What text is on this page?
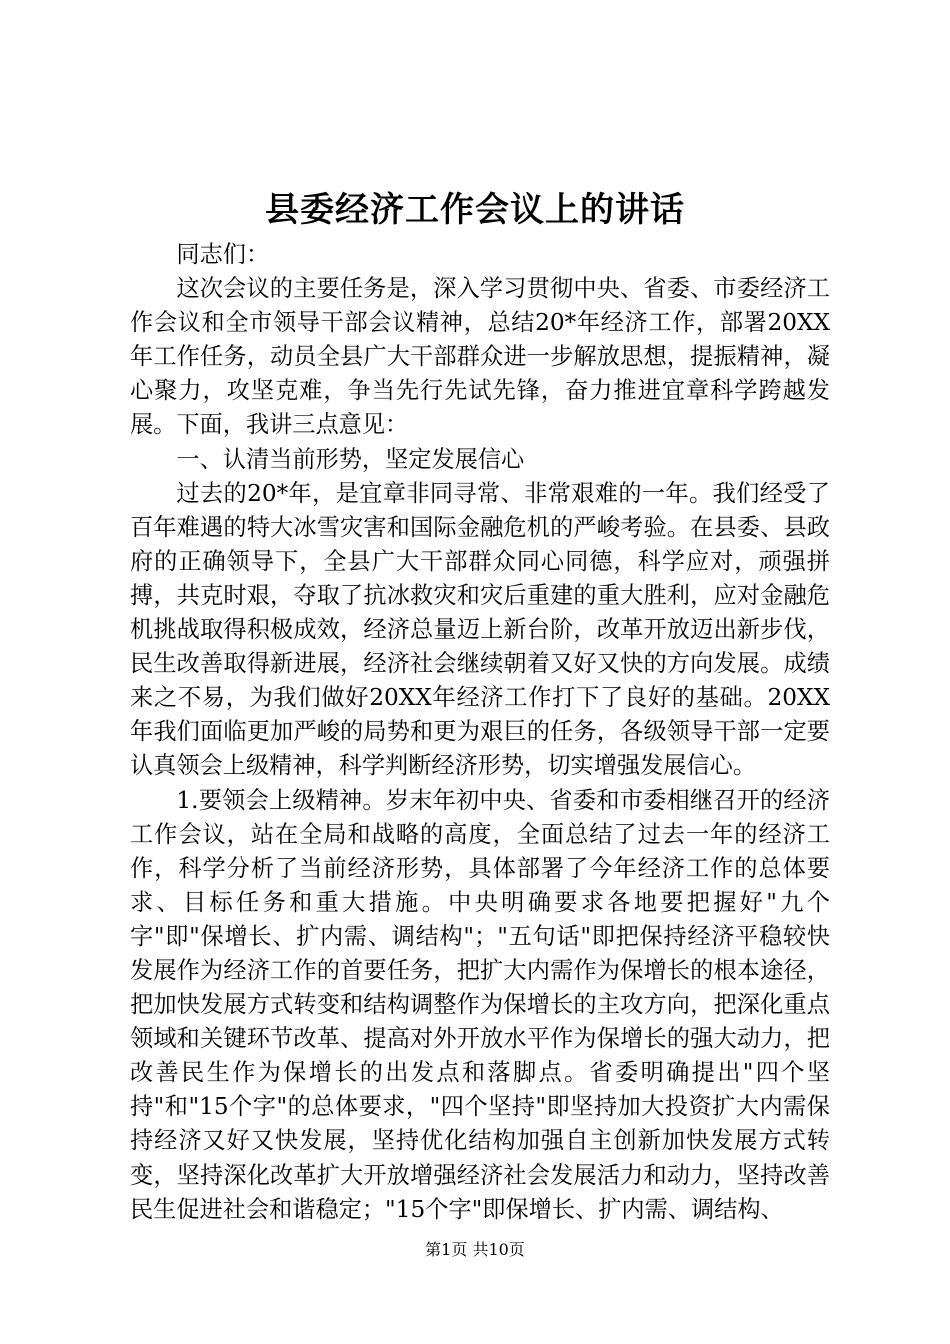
县委经济工作会议上的讲话

同志们：

这次会议的主要任务是，深入学习贯彻中央、省委、市委经济工作会议和全市领导干部会议精神，总结20*年经济工作，部署20XX年工作任务，动员全县广大干部群众进一步解放思想，提振精神，凝心聚力，攻坚克难，争当先行先试先锋，奋力推进宜章科学跨越发展。下面，我讲三点意见：

一、认清当前形势，坚定发展信心

过去的20*年，是宜章非同寻常、非常艰难的一年。我们经受了百年难遇的特大冰雪灾害和国际金融危机的严峻考验。在县委、县政府的正确领导下，全县广大干部群众同心同德，科学应对，顽强拼搏，共克时艰，夺取了抗冰救灾和灾后重建的重大胜利，应对金融危机挑战取得积极成效，经济总量迈上新台阶，改革开放迈出新步伐，民生改善取得新进展，经济社会继续朝着又好又快的方向发展。成绩来之不易，为我们做好20XX年经济工作打下了良好的基础。20XX年我们面临更加严峻的局势和更为艰巨的任务，各级领导干部一定要认真领会上级精神，科学判断经济形势，切实增强发展信心。

1.要领会上级精神。岁末年初中央、省委和市委相继召开的经济工作会议，站在全局和战略的高度，全面总结了过去一年的经济工作，科学分析了当前经济形势，具体部署了今年经济工作的总体要求、目标任务和重大措施。中央明确要求各地要把握好"九个字"即"保增长、扩内需、调结构"；"五句话"即把保持经济平稳较快发展作为经济工作的首要任务，把扩大内需作为保增长的根本途径，把加快发展方式转变和结构调整作为保增长的主攻方向，把深化重点领域和关键环节改革、提高对外开放水平作为保增长的强大动力，把改善民生作为保增长的出发点和落脚点。省委明确提出"四个坚持"和"15个字"的总体要求，"四个坚持"即坚持加大投资扩大内需保持经济又好又快发展，坚持优化结构加强自主创新加快发展方式转变，坚持深化改革扩大开放增强经济社会发展活力和动力，坚持改善民生促进社会和谐稳定；"15个字"即保增长、扩内需、调结构、

第1页 共10页
